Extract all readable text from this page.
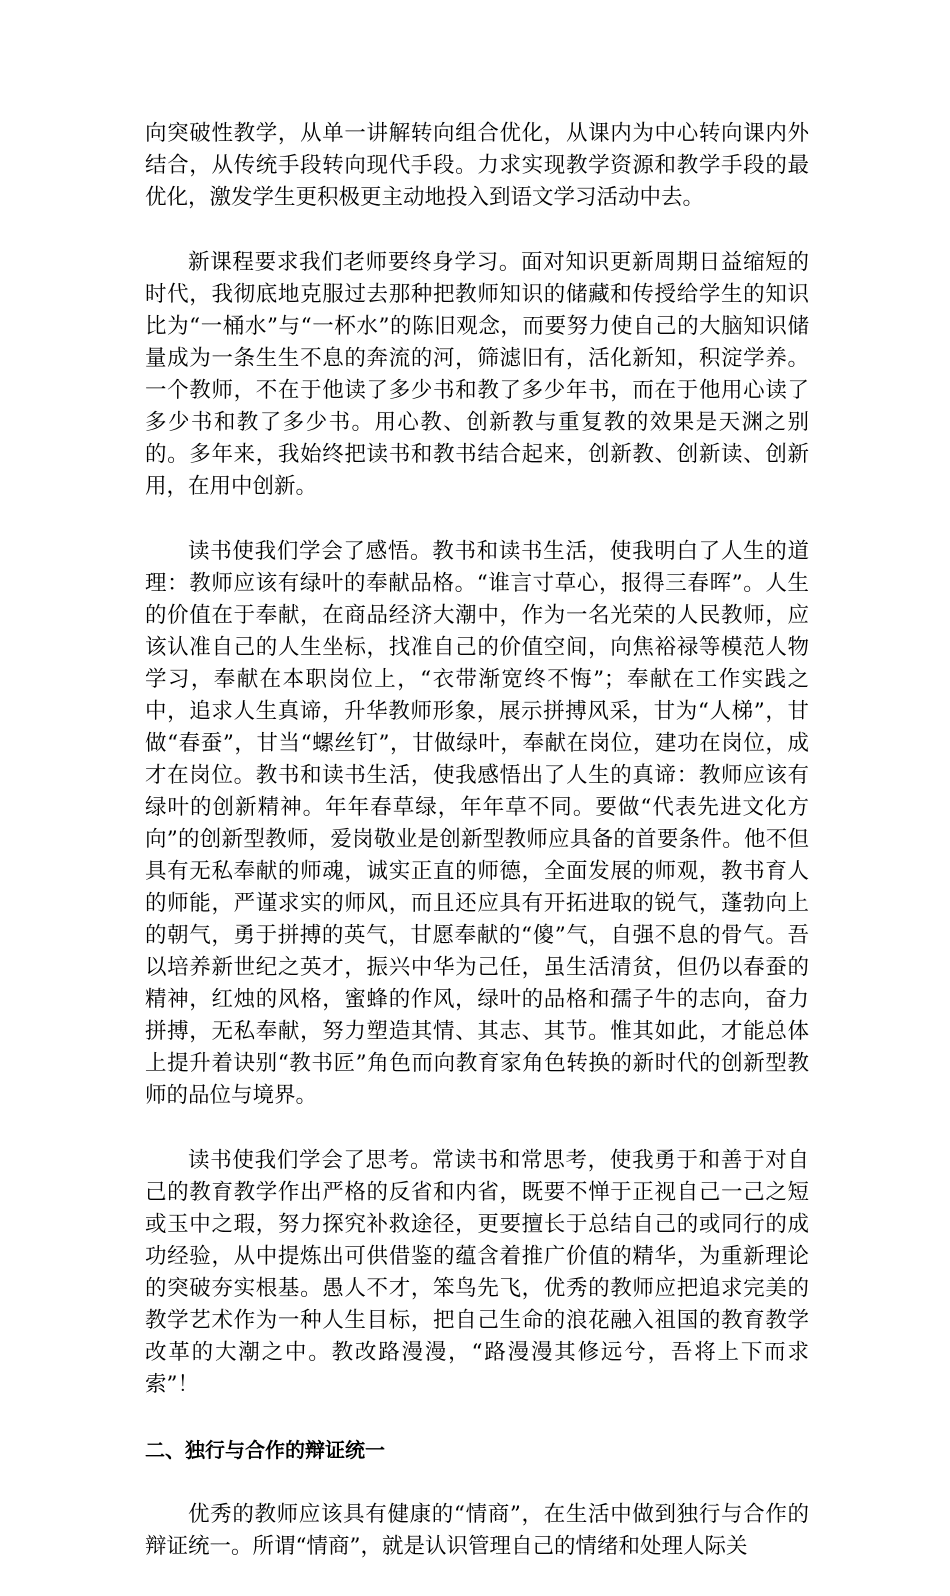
向突破性教学，从单一讲解转向组合优化，从课内为中心转向课内外结合，从传统手段转向现代手段。力求实现教学资源和教学手段的最优化，激发学生更积极更主动地投入到语文学习活动中去。

新课程要求我们老师要终身学习。面对知识更新周期日益缩短的时代，我彻底地克服过去那种把教师知识的储藏和传授给学生的知识比为“一桶水”与“一杯水”的陈旧观念，而要努力使自己的大脑知识储量成为一条生生不息的奔流的河，筛滤旧有，活化新知，积淀学养。一个教师，不在于他读了多少书和教了多少年书，而在于他用心读了多少书和教了多少书。用心教、创新教与重复教的效果是天渊之别的。多年来，我始终把读书和教书结合起来，创新教、创新读、创新用，在用中创新。

读书使我们学会了感悟。教书和读书生活，使我明白了人生的道理：教师应该有绿叶的奉献品格。“谁言寸草心，报得三春晖”。人生的价值在于奉献，在商品经济大潮中，作为一名光荣的人民教师，应该认准自己的人生坐标，找准自己的价值空间，向焦裕禄等模范人物学习，奉献在本职岗位上，“衣带渐宽终不悔”；奉献在工作实践之中，追求人生真谛，升华教师形象，展示拼搏风采，甘为“人梯”，甘做“春蚕”，甘当“螺丝钉”，甘做绿叶，奉献在岗位，建功在岗位，成才在岗位。教书和读书生活，使我感悟出了人生的真谛：教师应该有绿叶的创新精神。年年春草绿，年年草不同。要做“代表先进文化方向”的创新型教师，爱岗敬业是创新型教师应具备的首要条件。他不但具有无私奉献的师魂，诚实正直的师德，全面发展的师观，教书育人的师能，严谨求实的师风，而且还应具有开拓进取的锐气，蓬勃向上的朝气，勇于拼搏的英气，甘愿奉献的“傻”气，自强不息的骨气。吾以培养新世纪之英才，振兴中华为己任，虽生活清贫，但仍以春蚕的精神，红烛的风格，蜜蜂的作风，绿叶的品格和孺子牛的志向，奋力拼搏，无私奉献，努力塑造其情、其志、其节。惟其如此，才能总体上提升着诀别“教书匠”角色而向教育家角色转换的新时代的创新型教师的品位与境界。

读书使我们学会了思考。常读书和常思考，使我勇于和善于对自己的教育教学作出严格的反省和内省，既要不惮于正视自己一己之短或玉中之瑕，努力探究补救途径，更要擅长于总结自己的或同行的成功经验，从中提炼出可供借鉴的蕴含着推广价值的精华，为重新理论的突破夯实根基。愚人不才，笨鸟先飞，优秀的教师应把追求完美的教学艺术作为一种人生目标，把自己生命的浪花融入祖国的教育教学改革的大潮之中。教改路漫漫，“路漫漫其修远兮，吾将上下而求索”！

二、独行与合作的辩证统一

优秀的教师应该具有健康的“情商”，在生活中做到独行与合作的辩证统一。所谓“情商”，就是认识管理自己的情绪和处理人际关
